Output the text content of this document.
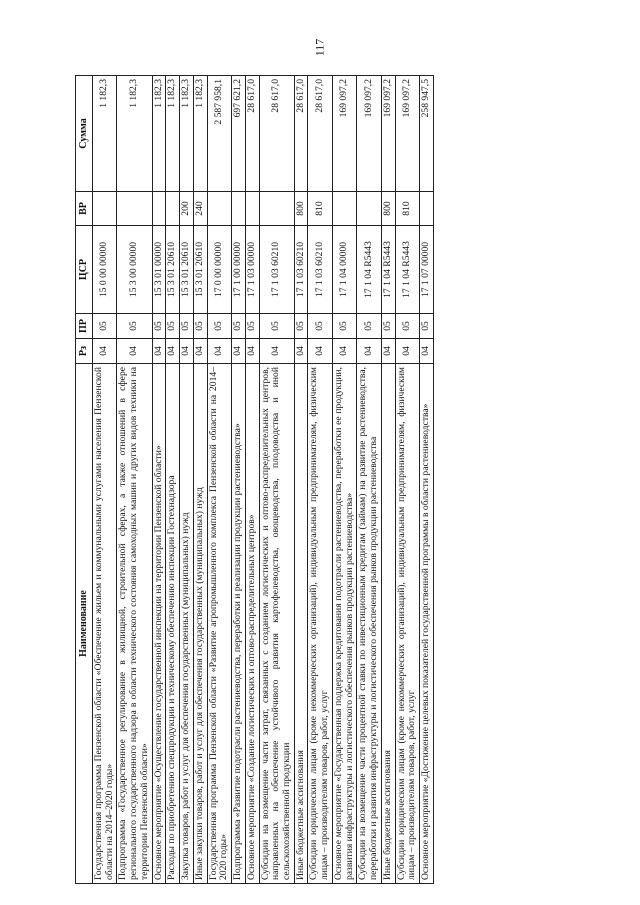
117
Наименование	Рз	ПР	ЦСР	ВР	Сумма
Государственная программа Пензенской области «Обеспечение жильем и коммунальными услугами населения Пензенской области на 2014–2020 годы»	04	05	15 0 00 00000		1 182,3
Подпрограмма «Государственное регулирование в жилищной, строительной сферах, а также отношений в сфере регионального государственного надзора в области технического состояния самоходных машин и других видов техники на территории Пензенской области»	04	05	15 3 00 00000		1 182,3
Основное мероприятие «Осуществление государственной инспекции на территории Пензенской области»	04	05	15 3 01 00000		1 182,3
Расходы по приобретению спецпродукции и техническому обеспечению инспекции Гостехнадзора	04	05	15 3 01 20610		1 182,3
Закупка товаров, работ и услуг для обеспечения государственных (муниципальных) нужд	04	05	15 3 01 20610	200	1 182,3
Иные закупки товаров, работ и услуг для обеспечения государственных (муниципальных) нужд	04	05	15 3 01 20610	240	1 182,3
Государственная программа Пензенской области «Развитие агропромышленного комплекса Пензенской области на 2014–2020 годы»	04	05	17 0 00 00000		2 587 958,1
Подпрограмма «Развитие подотрасли растениеводства, переработки и реализации продукции растениеводства»	04	05	17 1 00 00000		697 621,2
Основное мероприятие «Создание логистических и оптово-распределительных центров»	04	05	17 1 03 00000		28 617,0
Субсидии на возмещение части затрат, связанных с созданием логистических и оптово-распределительных центров, направленных на обеспечение устойчивого развития картофелеводства, овощеводства, плодоводства и иной сельскохозяйственной продукции	04	05	17 1 03 60210		28 617,0
Иные бюджетные ассигнования	04	05	17 1 03 60210	800	28 617,0
Субсидии юридическим лицам (кроме некоммерческих организаций), индивидуальным предпринимателям, физическим лицам – производителям товаров, работ, услуг	04	05	17 1 03 60210	810	28 617,0
Основное мероприятие «Государственная поддержка кредитования подотрасли растениеводства, переработки ее продукции, развития инфраструктуры и логистического обеспечения рынков продукции растениеводства»	04	05	17 1 04 00000		169 097,2
Субсидии на возмещение части процентной ставки по инвестиционным кредитам (займам) на развитие растениеводства, переработки и развития инфраструктуры и логистического обеспечения рынков продукции растениеводства	04	05	17 1 04 R5443		169 097,2
Иные бюджетные ассигнования	04	05	17 1 04 R5443	800	169 097,2
Субсидии юридическим лицам (кроме некоммерческих организаций), индивидуальным предпринимателям, физическим лицам – производителям товаров, работ, услуг	04	05	17 1 04 R5443	810	169 097,2
Основное мероприятие «Достижение целевых показателей государственной программы в области растениеводства»	04	05	17 1 07 00000		258 947,5
